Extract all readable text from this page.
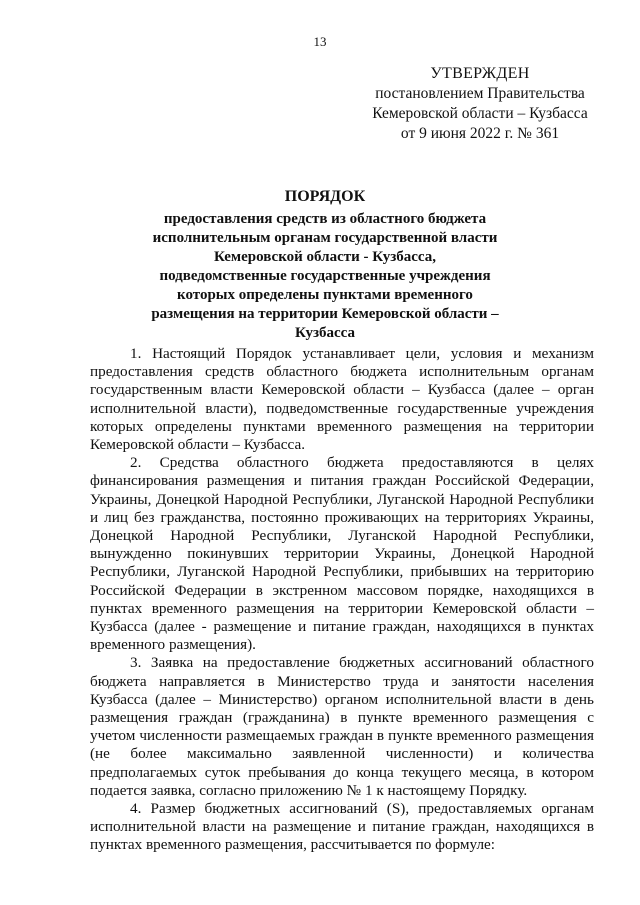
13
УТВЕРЖДЕН
постановлением Правительства
Кемеровской области – Кузбасса
от 9 июня 2022 г. № 361
ПОРЯДОК
предоставления средств из областного бюджета исполнительным органам государственной власти Кемеровской области - Кузбасса, подведомственные государственные учреждения которых определены пунктами временного размещения на территории Кемеровской области – Кузбасса

1. Настоящий Порядок устанавливает цели, условия и механизм предоставления средств областного бюджета исполнительным органам государственным власти Кемеровской области – Кузбасса (далее – орган исполнительной власти), подведомственные государственные учреждения которых определены пунктами временного размещения на территории Кемеровской области – Кузбасса.

2. Средства областного бюджета предоставляются в целях финансирования размещения и питания граждан Российской Федерации, Украины, Донецкой Народной Республики, Луганской Народной Республики и лиц без гражданства, постоянно проживающих на территориях Украины, Донецкой Народной Республики, Луганской Народной Республики, вынужденно покинувших территории Украины, Донецкой Народной Республики, Луганской Народной Республики, прибывших на территорию Российской Федерации в экстренном массовом порядке, находящихся в пунктах временного размещения на территории Кемеровской области – Кузбасса (далее - размещение и питание граждан, находящихся в пунктах временного размещения).

3. Заявка на предоставление бюджетных ассигнований областного бюджета направляется в Министерство труда и занятости населения Кузбасса (далее – Министерство) органом исполнительной власти в день размещения граждан (гражданина) в пункте временного размещения с учетом численности размещаемых граждан в пункте временного размещения (не более максимально заявленной численности) и количества предполагаемых суток пребывания до конца текущего месяца, в котором подается заявка, согласно приложению № 1 к настоящему Порядку.

4. Размер бюджетных ассигнований (S), предоставляемых органам исполнительной власти на размещение и питание граждан, находящихся в пунктах временного размещения, рассчитывается по формуле:
